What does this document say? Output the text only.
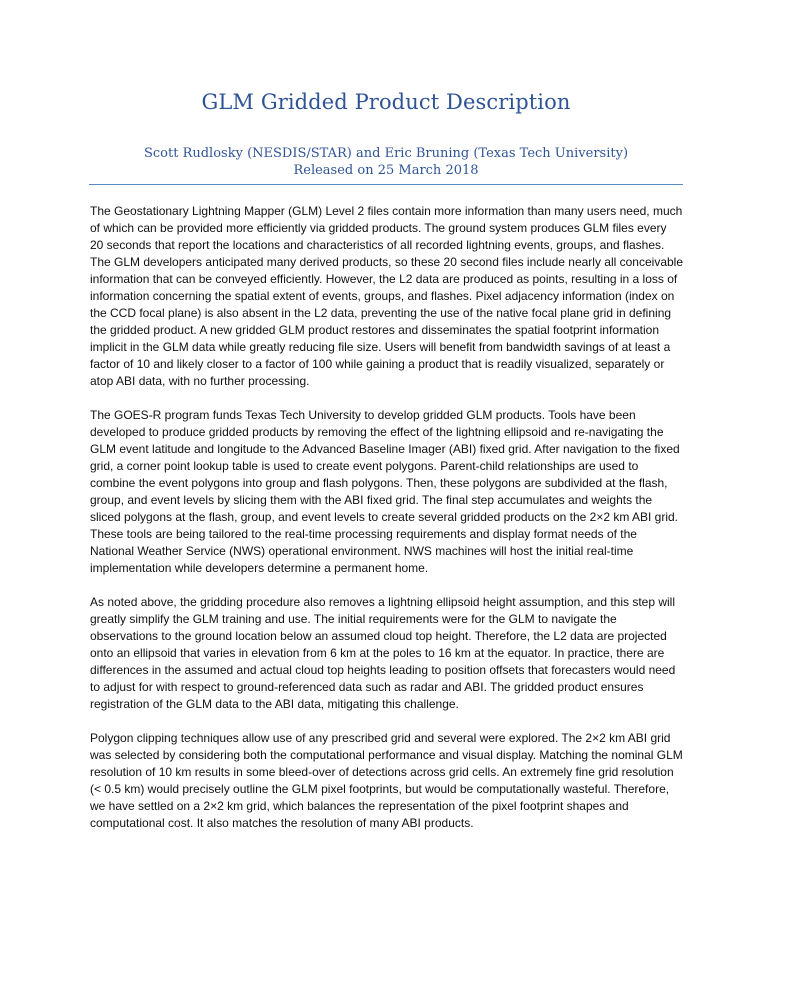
GLM Gridded Product Description
Scott Rudlosky (NESDIS/STAR) and Eric Bruning (Texas Tech University)
Released on 25 March 2018

The Geostationary Lightning Mapper (GLM) Level 2 files contain more information than many users need, much of which can be provided more efficiently via gridded products. The ground system produces GLM files every 20 seconds that report the locations and characteristics of all recorded lightning events, groups, and flashes. The GLM developers anticipated many derived products, so these 20 second files include nearly all conceivable information that can be conveyed efficiently. However, the L2 data are produced as points, resulting in a loss of information concerning the spatial extent of events, groups, and flashes. Pixel adjacency information (index on the CCD focal plane) is also absent in the L2 data, preventing the use of the native focal plane grid in defining the gridded product. A new gridded GLM product restores and disseminates the spatial footprint information implicit in the GLM data while greatly reducing file size. Users will benefit from bandwidth savings of at least a factor of 10 and likely closer to a factor of 100 while gaining a product that is readily visualized, separately or atop ABI data, with no further processing.

The GOES-R program funds Texas Tech University to develop gridded GLM products. Tools have been developed to produce gridded products by removing the effect of the lightning ellipsoid and re-navigating the GLM event latitude and longitude to the Advanced Baseline Imager (ABI) fixed grid. After navigation to the fixed grid, a corner point lookup table is used to create event polygons. Parent-child relationships are used to combine the event polygons into group and flash polygons. Then, these polygons are subdivided at the flash, group, and event levels by slicing them with the ABI fixed grid. The final step accumulates and weights the sliced polygons at the flash, group, and event levels to create several gridded products on the 2×2 km ABI grid. These tools are being tailored to the real-time processing requirements and display format needs of the National Weather Service (NWS) operational environment. NWS machines will host the initial real-time implementation while developers determine a permanent home.

As noted above, the gridding procedure also removes a lightning ellipsoid height assumption, and this step will greatly simplify the GLM training and use. The initial requirements were for the GLM to navigate the observations to the ground location below an assumed cloud top height. Therefore, the L2 data are projected onto an ellipsoid that varies in elevation from 6 km at the poles to 16 km at the equator. In practice, there are differences in the assumed and actual cloud top heights leading to position offsets that forecasters would need to adjust for with respect to ground-referenced data such as radar and ABI. The gridded product ensures registration of the GLM data to the ABI data, mitigating this challenge.

Polygon clipping techniques allow use of any prescribed grid and several were explored. The 2×2 km ABI grid was selected by considering both the computational performance and visual display. Matching the nominal GLM resolution of 10 km results in some bleed-over of detections across grid cells. An extremely fine grid resolution (< 0.5 km) would precisely outline the GLM pixel footprints, but would be computationally wasteful. Therefore, we have settled on a 2×2 km grid, which balances the representation of the pixel footprint shapes and computational cost. It also matches the resolution of many ABI products.
